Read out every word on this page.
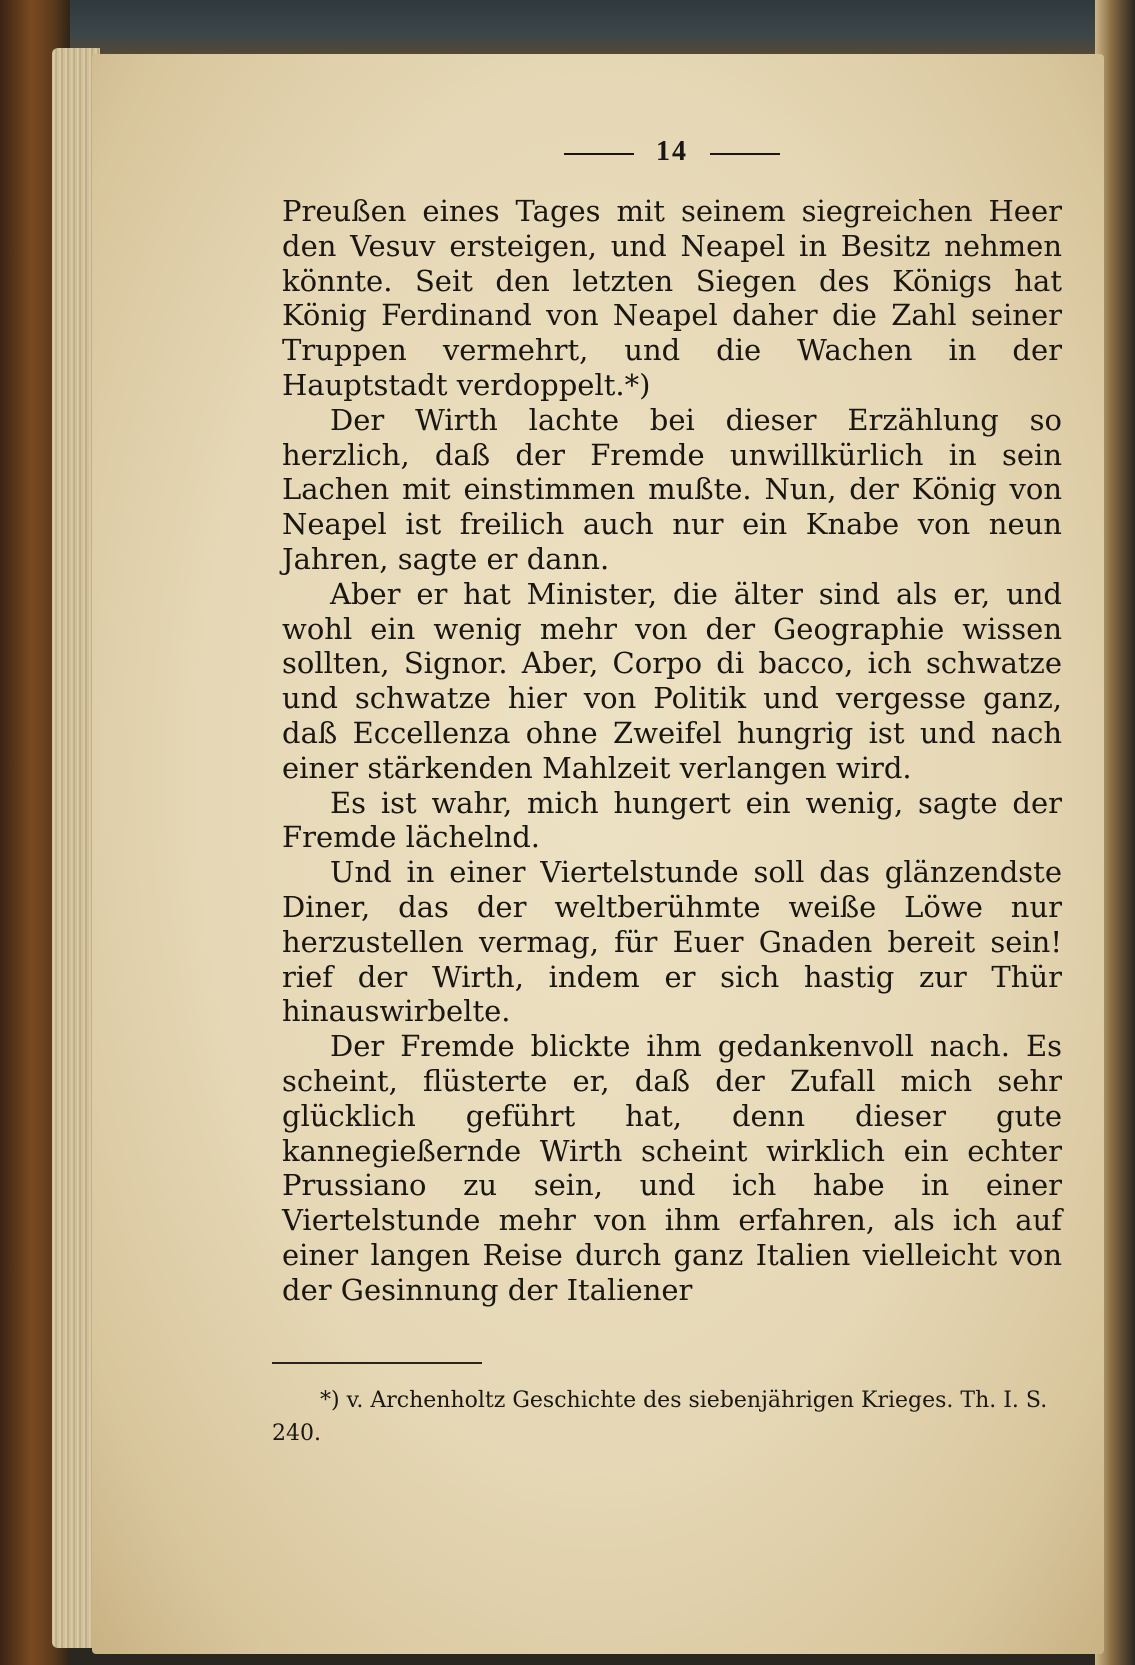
14

Preußen eines Tages mit seinem siegreichen Heer den Vesuv ersteigen, und Neapel in Besitz nehmen könnte. Seit den letzten Siegen des Königs hat König Ferdinand von Neapel daher die Zahl seiner Truppen vermehrt, und die Wachen in der Hauptstadt verdoppelt.*)

Der Wirth lachte bei dieser Erzählung so herzlich, daß der Fremde unwillkürlich in sein Lachen mit einstimmen mußte. Nun, der König von Neapel ist freilich auch nur ein Knabe von neun Jahren, sagte er dann.

Aber er hat Minister, die älter sind als er, und wohl ein wenig mehr von der Geographie wissen sollten, Signor. Aber, Corpo di bacco, ich schwatze und schwatze hier von Politik und vergesse ganz, daß Eccellenza ohne Zweifel hungrig ist und nach einer stärkenden Mahlzeit verlangen wird.

Es ist wahr, mich hungert ein wenig, sagte der Fremde lächelnd.

Und in einer Viertelstunde soll das glänzendste Diner, das der weltberühmte weiße Löwe nur herzustellen vermag, für Euer Gnaden bereit sein! rief der Wirth, indem er sich hastig zur Thür hinauswirbelte.

Der Fremde blickte ihm gedankenvoll nach. Es scheint, flüsterte er, daß der Zufall mich sehr glücklich geführt hat, denn dieser gute kannegießernde Wirth scheint wirklich ein echter Prussiano zu sein, und ich habe in einer Viertelstunde mehr von ihm erfahren, als ich auf einer langen Reise durch ganz Italien vielleicht von der Gesinnung der Italiener

*) v. Archenholtz Geschichte des siebenjährigen Krieges. Th. I. S. 240.
